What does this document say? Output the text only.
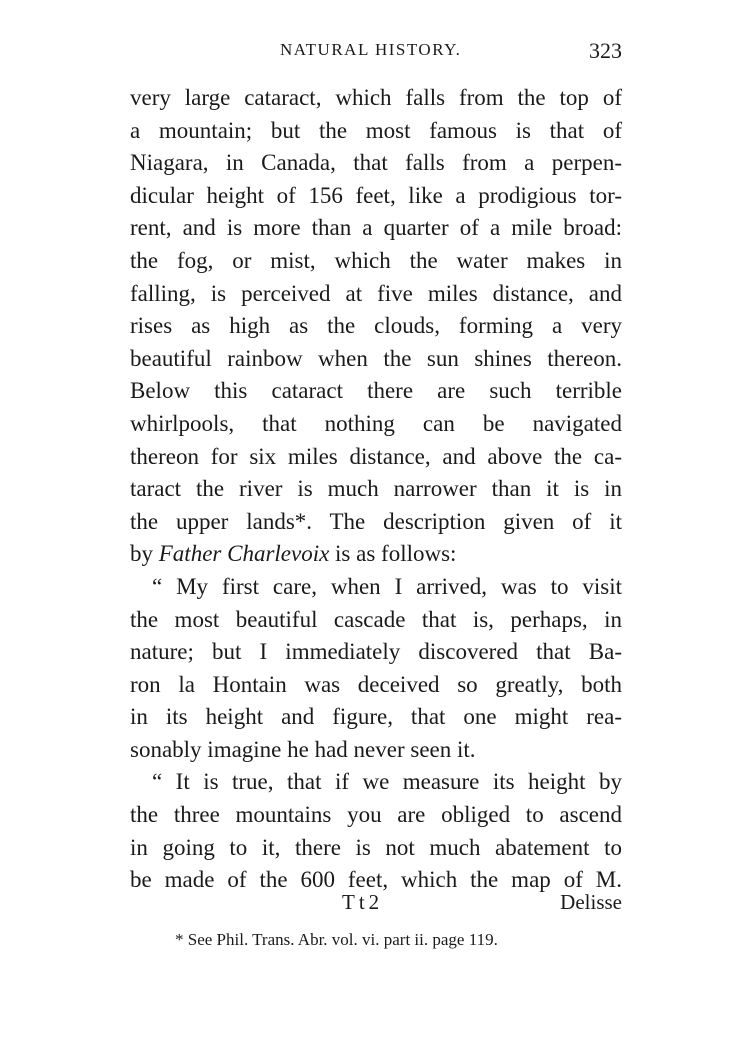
NATURAL HISTORY.	323
very large cataract, which falls from the top of
a mountain; but the most famous is that of
Niagara, in Canada, that falls from a perpen-
dicular height of 156 feet, like a prodigious tor-
rent, and is more than a quarter of a mile broad:
the fog, or mist, which the water makes in
falling, is perceived at five miles distance, and
rises as high as the clouds, forming a very
beautiful rainbow when the sun shines thereon.
Below this cataract there are such terrible
whirlpools, that nothing can be navigated
thereon for six miles distance, and above the ca-
taract the river is much narrower than it is in
the upper lands*. The description given of it
by Father Charlevoix is as follows:
“ My first care, when I arrived, was to visit
the most beautiful cascade that is, perhaps, in
nature; but I immediately discovered that Ba-
ron la Hontain was deceived so greatly, both
in its height and figure, that one might rea-
sonably imagine he had never seen it.
“ It is true, that if we measure its height by
the three mountains you are obliged to ascend
in going to it, there is not much abatement to
be made of the 600 feet, which the map of M.
Tt2	Delisse
* See Phil. Trans. Abr. vol. vi. part ii. page 119.
